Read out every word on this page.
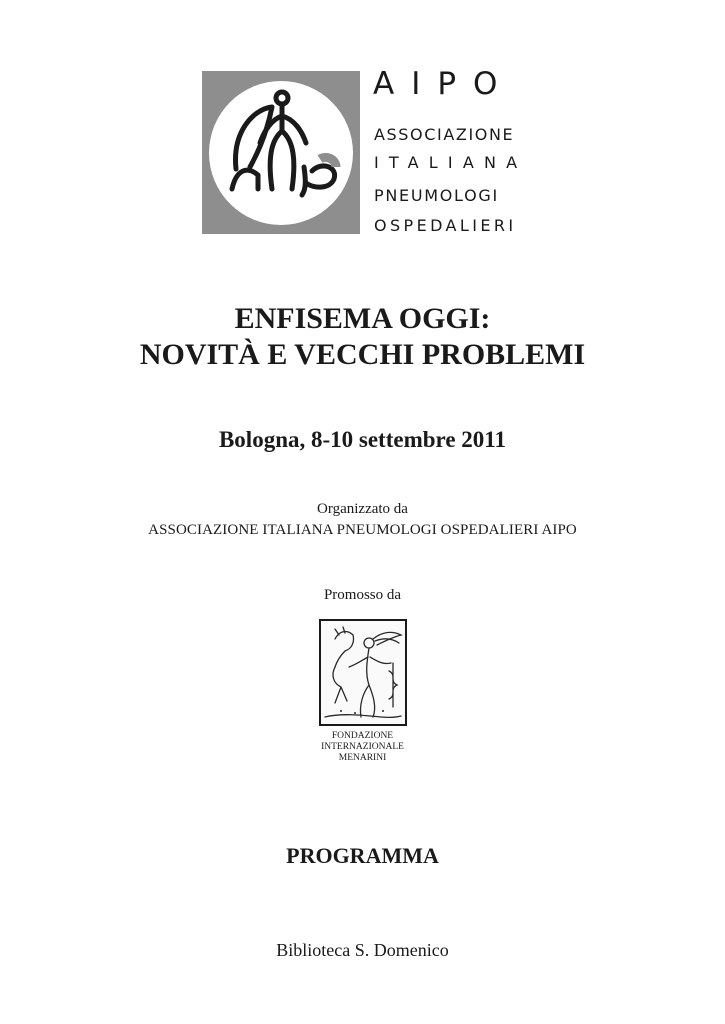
AIPO
ASSOCIAZIONE
ITALIANA
PNEUMOLOGI
OSPEDALIERI
ENFISEMA OGGI:
NOVITÀ E VECCHI PROBLEMI
Bologna, 8-10 settembre 2011
Organizzato da
ASSOCIAZIONE ITALIANA PNEUMOLOGI OSPEDALIERI AIPO
Promosso da
FONDAZIONE
INTERNAZIONALE
MENARINI
PROGRAMMA
Biblioteca S. Domenico
